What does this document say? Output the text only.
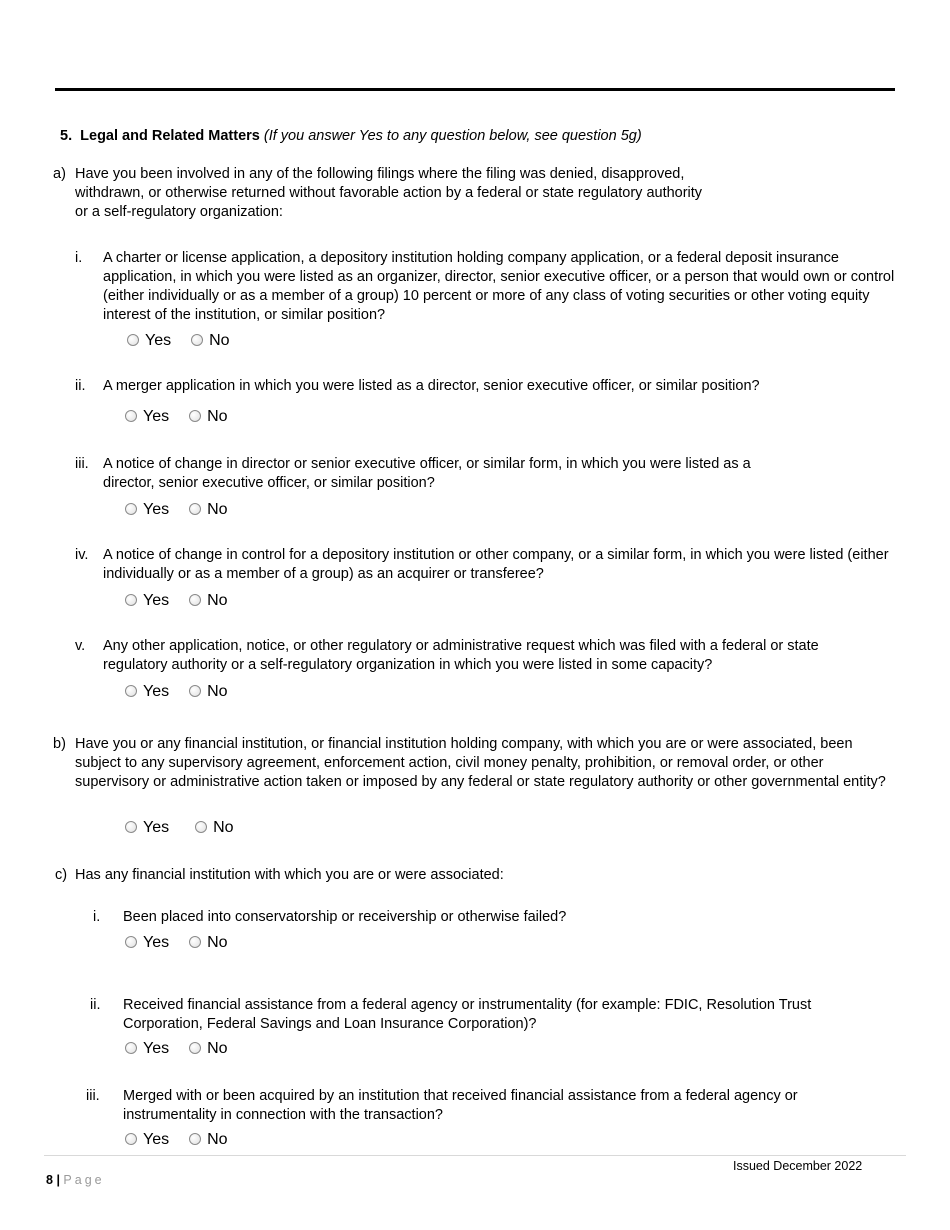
5. Legal and Related Matters (If you answer Yes to any question below, see question 5g)
a) Have you been involved in any of the following filings where the filing was denied, disapproved, withdrawn, or otherwise returned without favorable action by a federal or state regulatory authority or a self-regulatory organization:
i. A charter or license application, a depository institution holding company application, or a federal deposit insurance application, in which you were listed as an organizer, director, senior executive officer, or a person that would own or control (either individually or as a member of a group) 10 percent or more of any class of voting securities or other voting equity interest of the institution, or similar position?
Yes No
ii. A merger application in which you were listed as a director, senior executive officer, or similar position?
Yes No
iii. A notice of change in director or senior executive officer, or similar form, in which you were listed as a director, senior executive officer, or similar position?
Yes No
iv. A notice of change in control for a depository institution or other company, or a similar form, in which you were listed (either individually or as a member of a group) as an acquirer or transferee?
Yes No
v. Any other application, notice, or other regulatory or administrative request which was filed with a federal or state regulatory authority or a self-regulatory organization in which you were listed in some capacity?
Yes No
b) Have you or any financial institution, or financial institution holding company, with which you are or were associated, been subject to any supervisory agreement, enforcement action, civil money penalty, prohibition, or removal order, or other supervisory or administrative action taken or imposed by any federal or state regulatory authority or other governmental entity?
Yes	No
c) Has any financial institution with which you are or were associated:
i. Been placed into conservatorship or receivership or otherwise failed?
Yes No
ii. Received financial assistance from a federal agency or instrumentality (for example: FDIC, Resolution Trust Corporation, Federal Savings and Loan Insurance Corporation)?
Yes No
iii. Merged with or been acquired by an institution that received financial assistance from a federal agency or instrumentality in connection with the transaction?
Yes No
Issued December 2022
8 | Page
